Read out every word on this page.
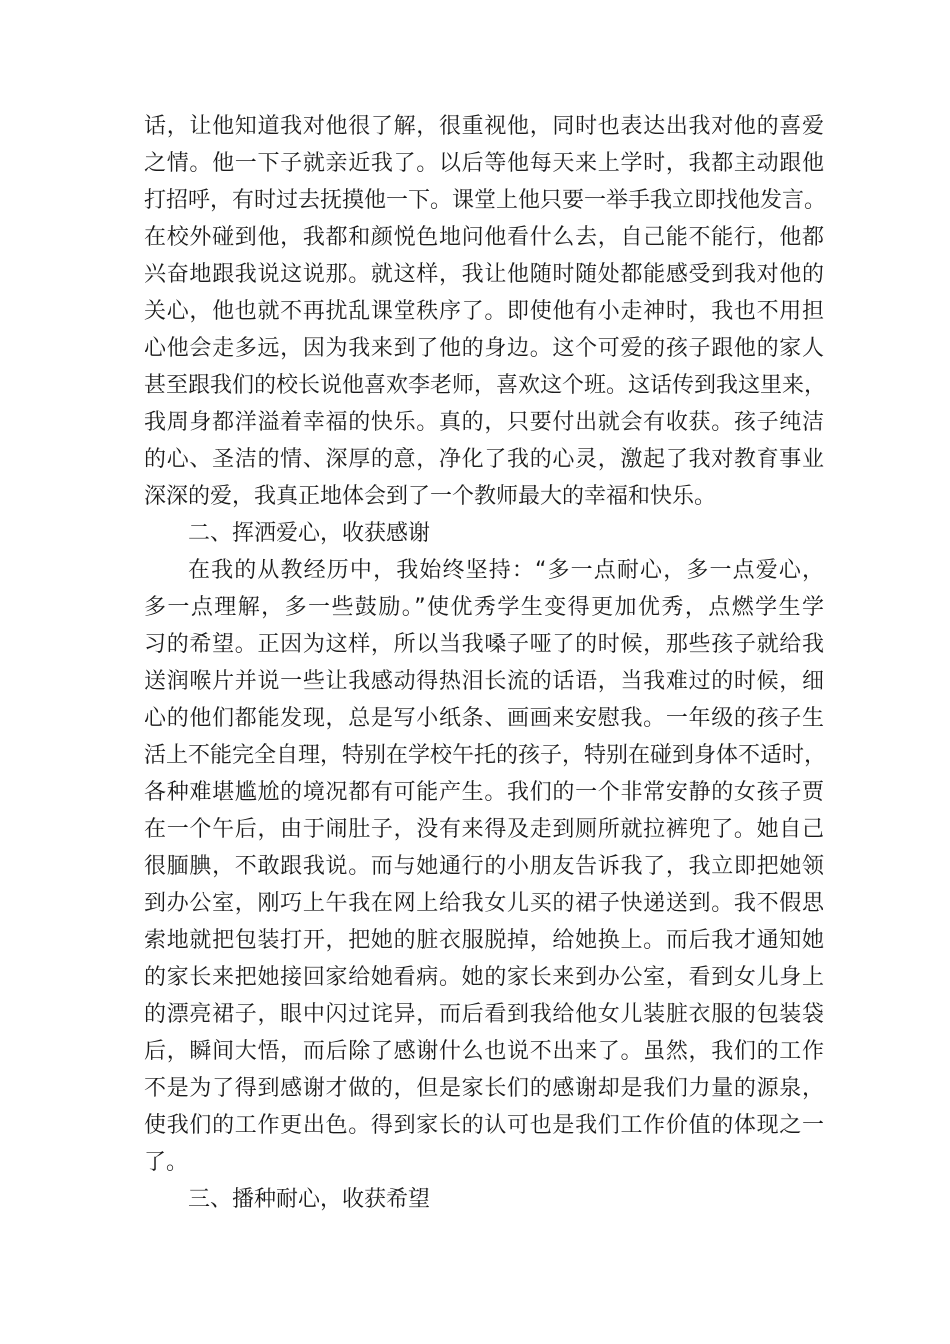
话，让他知道我对他很了解，很重视他，同时也表达出我对他的喜爱
之情。他一下子就亲近我了。以后等他每天来上学时，我都主动跟他
打招呼，有时过去抚摸他一下。课堂上他只要一举手我立即找他发言。
在校外碰到他，我都和颜悦色地问他看什么去，自己能不能行，他都
兴奋地跟我说这说那。就这样，我让他随时随处都能感受到我对他的
关心，他也就不再扰乱课堂秩序了。即使他有小走神时，我也不用担
心他会走多远，因为我来到了他的身边。这个可爱的孩子跟他的家人
甚至跟我们的校长说他喜欢李老师，喜欢这个班。这话传到我这里来，
我周身都洋溢着幸福的快乐。真的，只要付出就会有收获。孩子纯洁
的心、圣洁的情、深厚的意，净化了我的心灵，激起了我对教育事业
深深的爱，我真正地体会到了一个教师最大的幸福和快乐。
二、挥洒爱心，收获感谢
在我的从教经历中，我始终坚持：“多一点耐心，多一点爱心，
多一点理解，多一些鼓励。”使优秀学生变得更加优秀，点燃学生学
习的希望。正因为这样，所以当我嗓子哑了的时候，那些孩子就给我
送润喉片并说一些让我感动得热泪长流的话语，当我难过的时候，细
心的他们都能发现，总是写小纸条、画画来安慰我。一年级的孩子生
活上不能完全自理，特别在学校午托的孩子，特别在碰到身体不适时，
各种难堪尴尬的境况都有可能产生。我们的一个非常安静的女孩子贾
在一个午后，由于闹肚子，没有来得及走到厕所就拉裤兜了。她自己
很腼腆，不敢跟我说。而与她通行的小朋友告诉我了，我立即把她领
到办公室，刚巧上午我在网上给我女儿买的裙子快递送到。我不假思
索地就把包装打开，把她的脏衣服脱掉，给她换上。而后我才通知她
的家长来把她接回家给她看病。她的家长来到办公室，看到女儿身上
的漂亮裙子，眼中闪过诧异，而后看到我给他女儿装脏衣服的包装袋
后，瞬间大悟，而后除了感谢什么也说不出来了。虽然，我们的工作
不是为了得到感谢才做的，但是家长们的感谢却是我们力量的源泉，
使我们的工作更出色。得到家长的认可也是我们工作价值的体现之一
了。
三、播种耐心，收获希望
